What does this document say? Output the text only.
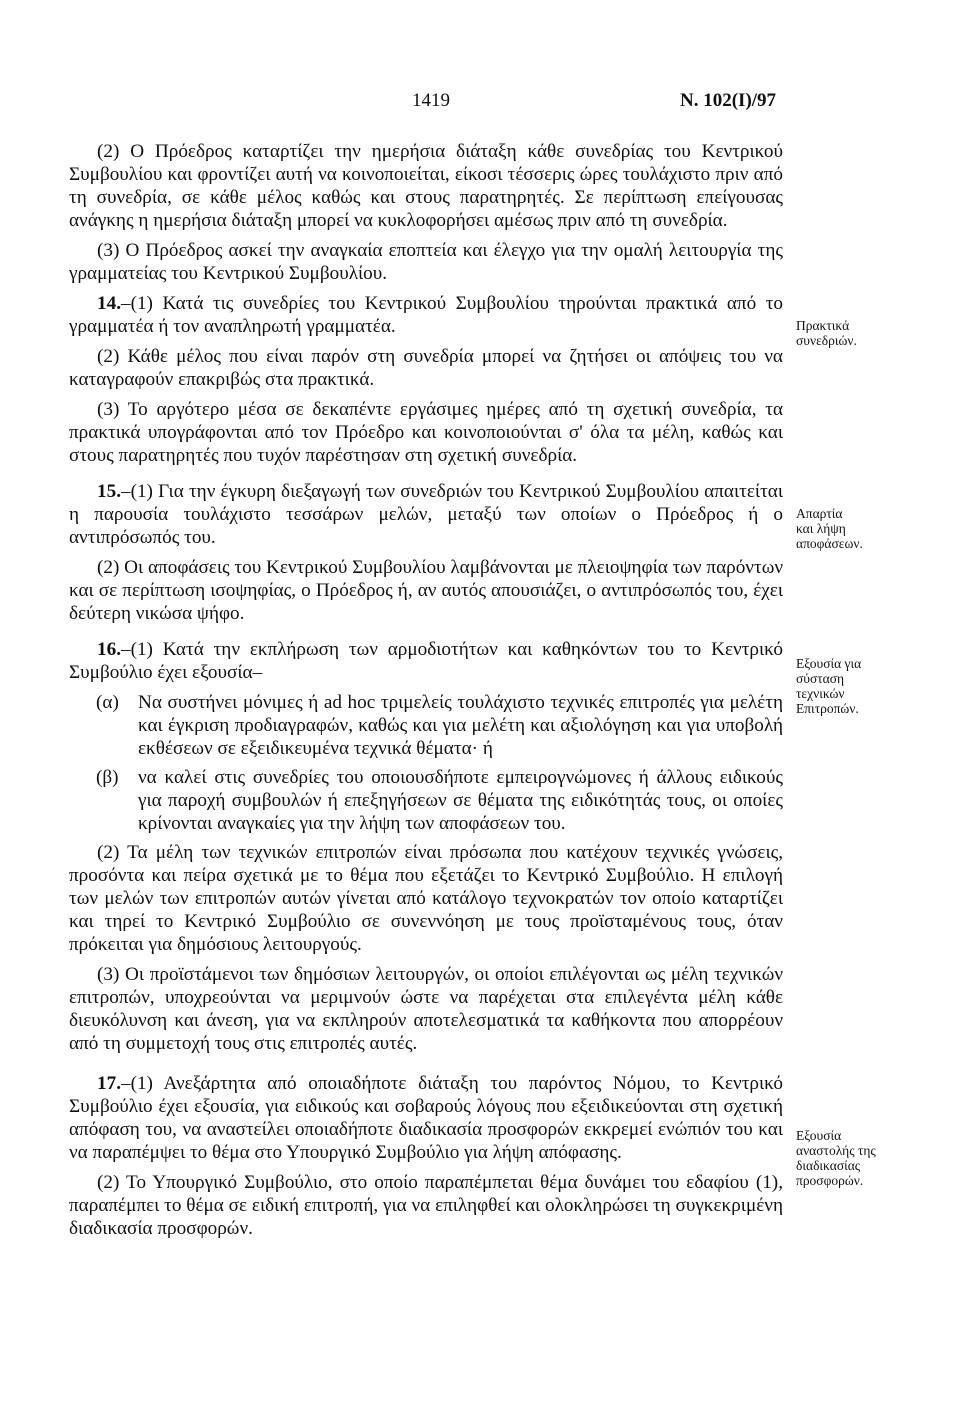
1419	Ν. 102(Ι)/97

(2) Ο Πρόεδρος καταρτίζει την ημερήσια διάταξη κάθε συνεδρίας του Κεντρικού Συμβουλίου και φροντίζει αυτή να κοινοποιείται, είκοσι τέσσερις ώρες τουλάχιστο πριν από τη συνεδρία, σε κάθε μέλος καθώς και στους παρατηρητές. Σε περίπτωση επείγουσας ανάγκης η ημερήσια διάταξη μπορεί να κυκλοφορήσει αμέσως πριν από τη συνεδρία.

(3) Ο Πρόεδρος ασκεί την αναγκαία εποπτεία και έλεγχο για την ομαλή λειτουργία της γραμματείας του Κεντρικού Συμβουλίου.

14.–(1) Κατά τις συνεδρίες του Κεντρικού Συμβουλίου τηρούνται πρακτικά από το γραμματέα ή τον αναπληρωτή γραμματέα.

(2) Κάθε μέλος που είναι παρόν στη συνεδρία μπορεί να ζητήσει οι απόψεις του να καταγραφούν επακριβώς στα πρακτικά.

(3) Το αργότερο μέσα σε δεκαπέντε εργάσιμες ημέρες από τη σχετική συνεδρία, τα πρακτικά υπογράφονται από τον Πρόεδρο και κοινοποιούνται σ' όλα τα μέλη, καθώς και στους παρατηρητές που τυχόν παρέστησαν στη σχετική συνεδρία.

15.–(1) Για την έγκυρη διεξαγωγή των συνεδριών του Κεντρικού Συμβουλίου απαιτείται η παρουσία τουλάχιστο τεσσάρων μελών, μεταξύ των οποίων ο Πρόεδρος ή ο αντιπρόσωπός του.

(2) Οι αποφάσεις του Κεντρικού Συμβουλίου λαμβάνονται με πλειοψηφία των παρόντων και σε περίπτωση ισοψηφίας, ο Πρόεδρος ή, αν αυτός απουσιάζει, ο αντιπρόσωπός του, έχει δεύτερη νικώσα ψήφο.

16.–(1) Κατά την εκπλήρωση των αρμοδιοτήτων και καθηκόντων του το Κεντρικό Συμβούλιο έχει εξουσία–

(α) Να συστήνει μόνιμες ή ad hoc τριμελείς τουλάχιστο τεχνικές επιτροπές για μελέτη και έγκριση προδιαγραφών, καθώς και για μελέτη και αξιολόγηση και για υποβολή εκθέσεων σε εξειδικευμένα τεχνικά θέματα· ή

(β) να καλεί στις συνεδρίες του οποιουσδήποτε εμπειρογνώμονες ή άλλους ειδικούς για παροχή συμβουλών ή επεξηγήσεων σε θέματα της ειδικότητάς τους, οι οποίες κρίνονται αναγκαίες για την λήψη των αποφάσεων του.

(2) Τα μέλη των τεχνικών επιτροπών είναι πρόσωπα που κατέχουν τεχνικές γνώσεις, προσόντα και πείρα σχετικά με το θέμα που εξετάζει το Κεντρικό Συμβούλιο. Η επιλογή των μελών των επιτροπών αυτών γίνεται από κατάλογο τεχνοκρατών τον οποίο καταρτίζει και τηρεί το Κεντρικό Συμβούλιο σε συνεννόηση με τους προϊσταμένους τους, όταν πρόκειται για δημόσιους λειτουργούς.

(3) Οι προϊστάμενοι των δημόσιων λειτουργών, οι οποίοι επιλέγονται ως μέλη τεχνικών επιτροπών, υποχρεούνται να μεριμνούν ώστε να παρέχεται στα επιλεγέντα μέλη κάθε διευκόλυνση και άνεση, για να εκπληρούν αποτελεσματικά τα καθήκοντα που απορρέουν από τη συμμετοχή τους στις επιτροπές αυτές.

17.–(1) Ανεξάρτητα από οποιαδήποτε διάταξη του παρόντος Νόμου, το Κεντρικό Συμβούλιο έχει εξουσία, για ειδικούς και σοβαρούς λόγους που εξειδικεύονται στη σχετική απόφαση του, να αναστείλει οποιαδήποτε διαδικασία προσφορών εκκρεμεί ενώπιόν του και να παραπέμψει το θέμα στο Υπουργικό Συμβούλιο για λήψη απόφασης.

(2) Το Υπουργικό Συμβούλιο, στο οποίο παραπέμπεται θέμα δυνάμει του εδαφίου (1), παραπέμπει το θέμα σε ειδική επιτροπή, για να επιληφθεί και ολοκληρώσει τη συγκεκριμένη διαδικασία προσφορών.

Πρακτικά
συνεδριών.
Απαρτία
και λήψη
αποφάσεων.
Εξουσία για
σύσταση
τεχνικών
Επιτροπών.
Εξουσία
αναστολής της
διαδικασίας
προσφορών.
